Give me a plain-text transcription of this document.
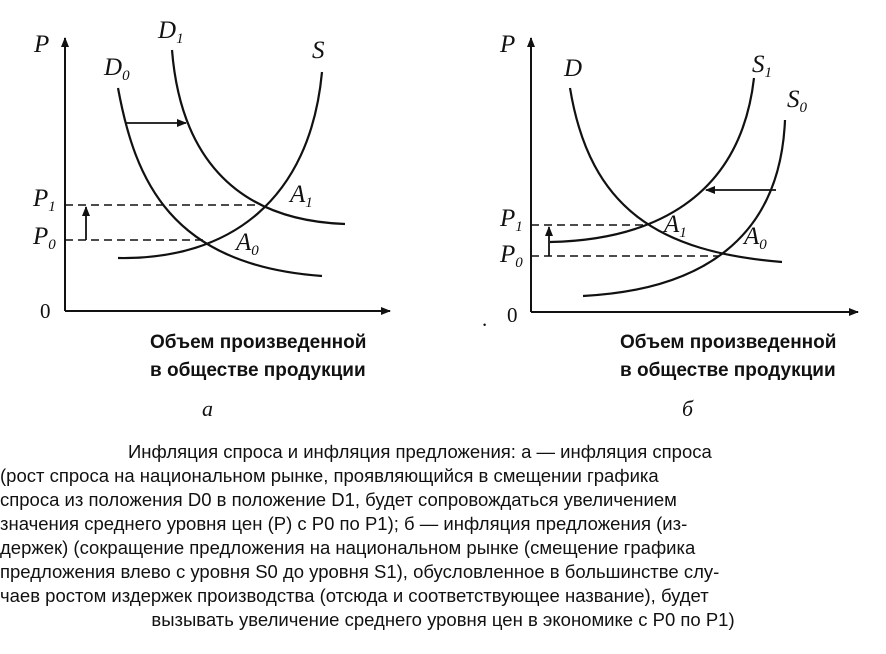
P
0
$D_1$
$D_0$
S
$A_1$
$A_0$
$P_1$
$P_0$
Объем произведенной
в обществе продукции
а
P
0
.
D	$S_1$
$S_0$
$A_1$ $A_0$
$P_1$
$P_0$
Объем произведенной
в обществе продукции
б

Инфляция спроса и инфляция предложения: а — инфляция спроса
(рост спроса на национальном рынке, проявляющийся в смещении графика
спроса из положения D0 в положение D1, будет сопровождаться увеличением
значения среднего уровня цен (P) с P0 по P1); б — инфляция предложения (из-
держек) (сокращение предложения на национальном рынке (смещение графика
предложения влево с уровня S0 до уровня S1), обусловленное в большинстве слу-
чаев ростом издержек производства (отсюда и соответствующее название), будет
вызывать увеличение среднего уровня цен в экономике с P0 по P1)
